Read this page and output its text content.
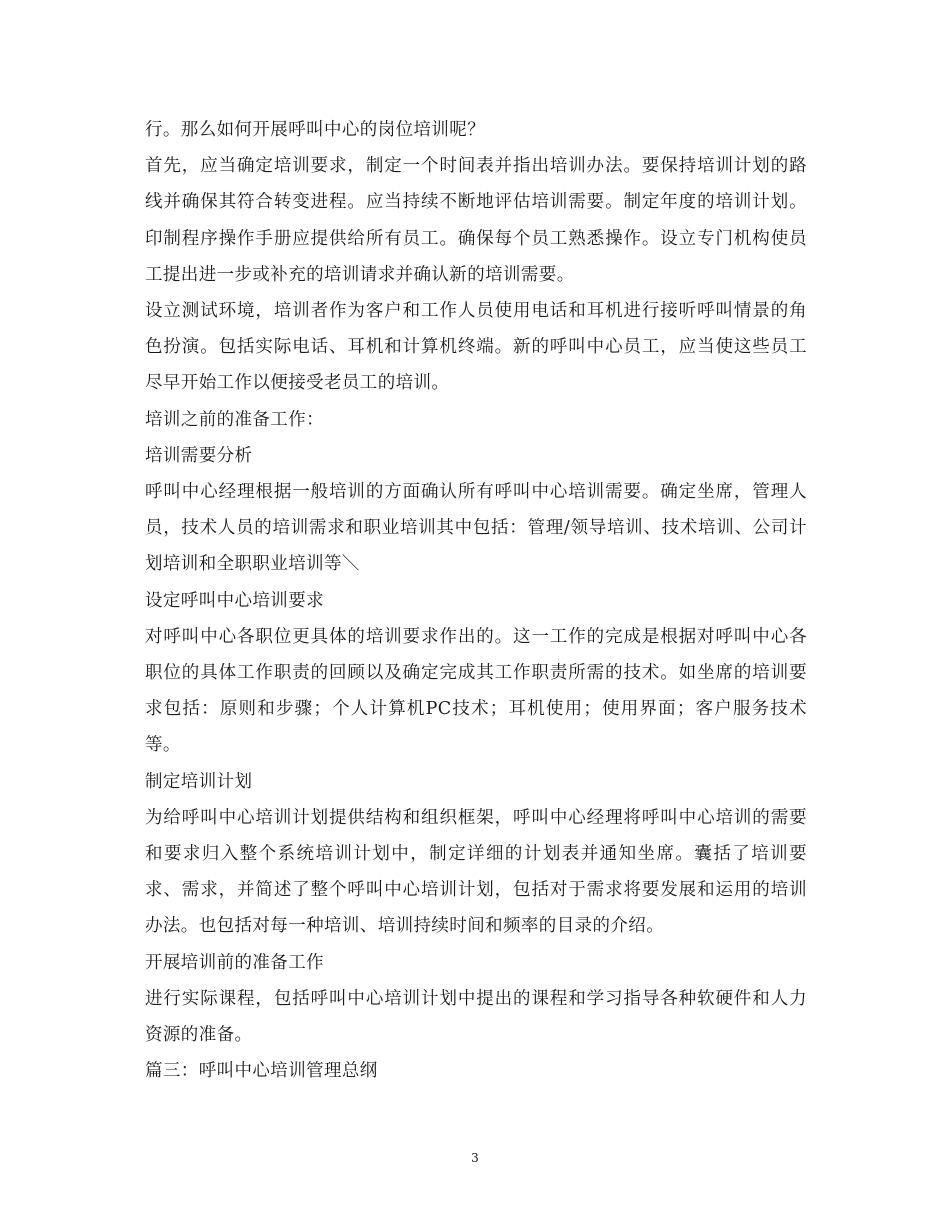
行。那么如何开展呼叫中心的岗位培训呢？

首先，应当确定培训要求，制定一个时间表并指出培训办法。要保持培训计划的路线并确保其符合转变进程。应当持续不断地评估培训需要。制定年度的培训计划。印制程序操作手册应提供给所有员工。确保每个员工熟悉操作。设立专门机构使员工提出进一步或补充的培训请求并确认新的培训需要。

设立测试环境，培训者作为客户和工作人员使用电话和耳机进行接听呼叫情景的角色扮演。包括实际电话、耳机和计算机终端。新的呼叫中心员工，应当使这些员工尽早开始工作以便接受老员工的培训。

培训之前的准备工作：

培训需要分析

呼叫中心经理根据一般培训的方面确认所有呼叫中心培训需要。确定坐席，管理人员，技术人员的培训需求和职业培训其中包括：管理/领导培训、技术培训、公司计划培训和全职职业培训等＼

设定呼叫中心培训要求

对呼叫中心各职位更具体的培训要求作出的。这一工作的完成是根据对呼叫中心各职位的具体工作职责的回顾以及确定完成其工作职责所需的技术。如坐席的培训要求包括：原则和步骤；个人计算机PC技术；耳机使用；使用界面；客户服务技术等。

制定培训计划

为给呼叫中心培训计划提供结构和组织框架，呼叫中心经理将呼叫中心培训的需要和要求归入整个系统培训计划中，制定详细的计划表并通知坐席。囊括了培训要求、需求，并简述了整个呼叫中心培训计划，包括对于需求将要发展和运用的培训办法。也包括对每一种培训、培训持续时间和频率的目录的介绍。

开展培训前的准备工作

进行实际课程，包括呼叫中心培训计划中提出的课程和学习指导各种软硬件和人力资源的准备。

篇三：呼叫中心培训管理总纲

3
